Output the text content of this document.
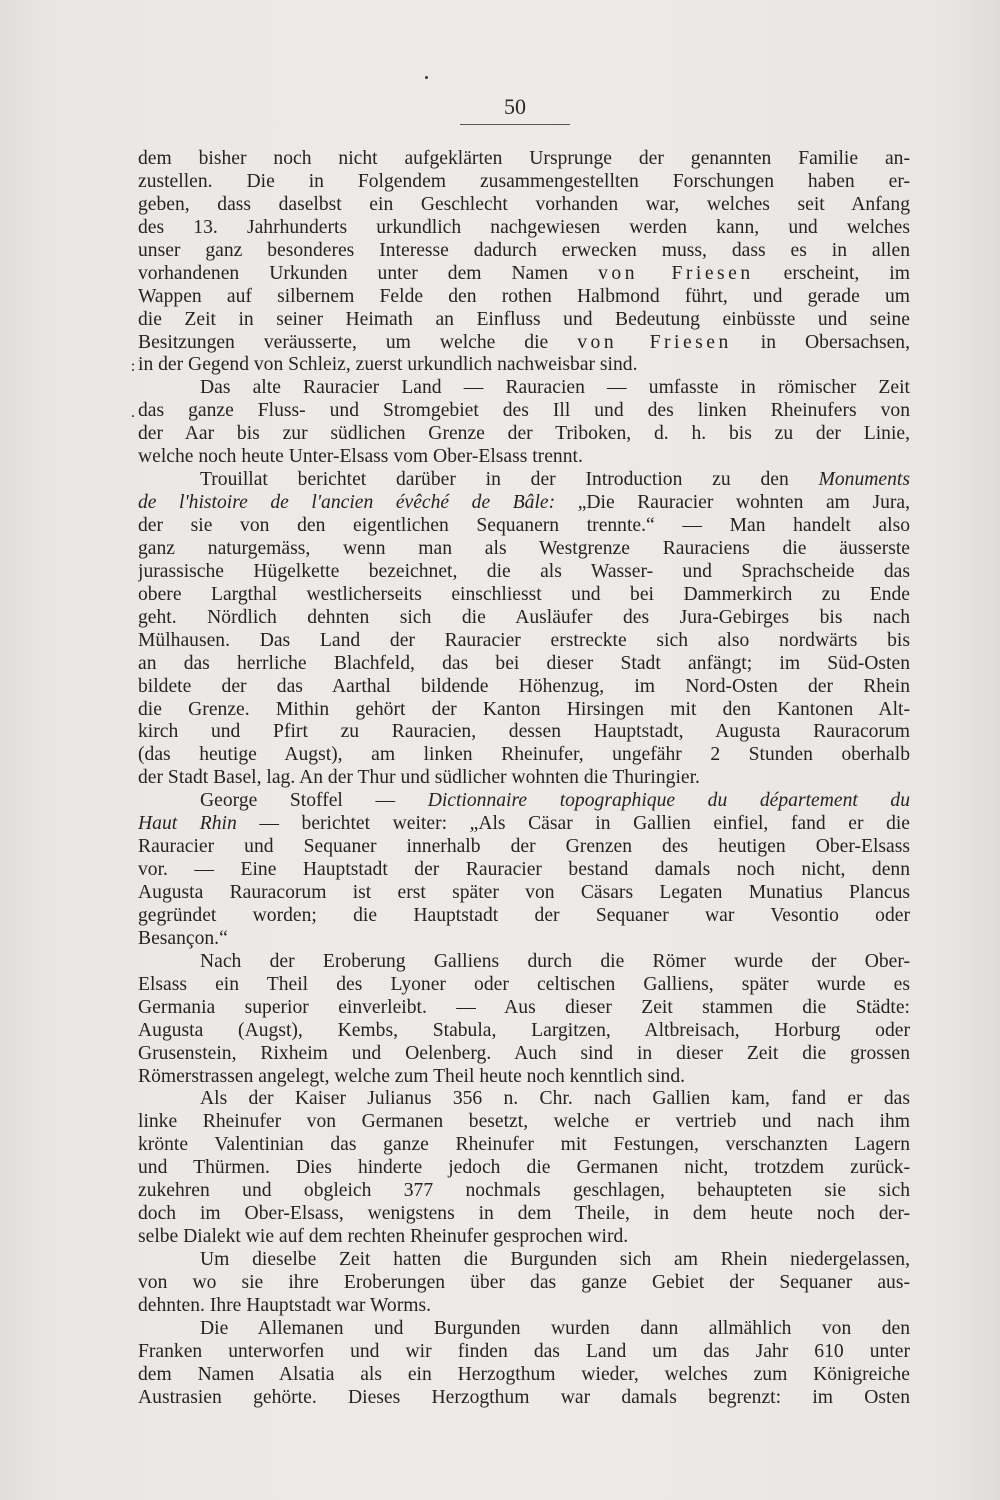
50
:
.
dem bisher noch nicht aufgeklärten Ursprunge der genannten Familie an-
zustellen. Die in Folgendem zusammengestellten Forschungen haben er-
geben, dass daselbst ein Geschlecht vorhanden war, welches seit Anfang
des 13. Jahrhunderts urkundlich nachgewiesen werden kann, und welches
unser ganz besonderes Interesse dadurch erwecken muss, dass es in allen
vorhandenen Urkunden unter dem Namen von Friesen erscheint, im
Wappen auf silbernem Felde den rothen Halbmond führt, und gerade um
die Zeit in seiner Heimath an Einfluss und Bedeutung einbüsste und seine
Besitzungen veräusserte, um welche die von Friesen in Obersachsen,
in der Gegend von Schleiz, zuerst urkundlich nachweisbar sind.
Das alte Rauracier Land — Rauracien — umfasste in römischer Zeit
das ganze Fluss- und Stromgebiet des Ill und des linken Rheinufers von
der Aar bis zur südlichen Grenze der Triboken, d. h. bis zu der Linie,
welche noch heute Unter-Elsass vom Ober-Elsass trennt.
Trouillat berichtet darüber in der Introduction zu den Monuments
de l'histoire de l'ancien évêché de Bâle: „Die Rauracier wohnten am Jura,
der sie von den eigentlichen Sequanern trennte.“ — Man handelt also
ganz naturgemäss, wenn man als Westgrenze Rauraciens die äusserste
jurassische Hügelkette bezeichnet, die als Wasser- und Sprachscheide das
obere Largthal westlicherseits einschliesst und bei Dammerkirch zu Ende
geht. Nördlich dehnten sich die Ausläufer des Jura-Gebirges bis nach
Mülhausen. Das Land der Rauracier erstreckte sich also nordwärts bis
an das herrliche Blachfeld, das bei dieser Stadt anfängt; im Süd-Osten
bildete der das Aarthal bildende Höhenzug, im Nord-Osten der Rhein
die Grenze. Mithin gehört der Kanton Hirsingen mit den Kantonen Alt-
kirch und Pfirt zu Rauracien, dessen Hauptstadt, Augusta Rauracorum
(das heutige Augst), am linken Rheinufer, ungefähr 2 Stunden oberhalb
der Stadt Basel, lag. An der Thur und südlicher wohnten die Thuringier.
George Stoffel — Dictionnaire topographique du département du
Haut Rhin — berichtet weiter: „Als Cäsar in Gallien einfiel, fand er die
Rauracier und Sequaner innerhalb der Grenzen des heutigen Ober-Elsass
vor. — Eine Hauptstadt der Rauracier bestand damals noch nicht, denn
Augusta Rauracorum ist erst später von Cäsars Legaten Munatius Plancus
gegründet worden; die Hauptstadt der Sequaner war Vesontio oder
Besançon.“
Nach der Eroberung Galliens durch die Römer wurde der Ober-
Elsass ein Theil des Lyoner oder celtischen Galliens, später wurde es
Germania superior einverleibt. — Aus dieser Zeit stammen die Städte:
Augusta (Augst), Kembs, Stabula, Largitzen, Altbreisach, Horburg oder
Grusenstein, Rixheim und Oelenberg. Auch sind in dieser Zeit die grossen
Römerstrassen angelegt, welche zum Theil heute noch kenntlich sind.
Als der Kaiser Julianus 356 n. Chr. nach Gallien kam, fand er das
linke Rheinufer von Germanen besetzt, welche er vertrieb und nach ihm
krönte Valentinian das ganze Rheinufer mit Festungen, verschanzten Lagern
und Thürmen. Dies hinderte jedoch die Germanen nicht, trotzdem zurück-
zukehren und obgleich 377 nochmals geschlagen, behaupteten sie sich
doch im Ober-Elsass, wenigstens in dem Theile, in dem heute noch der-
selbe Dialekt wie auf dem rechten Rheinufer gesprochen wird.
Um dieselbe Zeit hatten die Burgunden sich am Rhein niedergelassen,
von wo sie ihre Eroberungen über das ganze Gebiet der Sequaner aus-
dehnten. Ihre Hauptstadt war Worms.
Die Allemanen und Burgunden wurden dann allmählich von den
Franken unterworfen und wir finden das Land um das Jahr 610 unter
dem Namen Alsatia als ein Herzogthum wieder, welches zum Königreiche
Austrasien gehörte. Dieses Herzogthum war damals begrenzt: im Osten
